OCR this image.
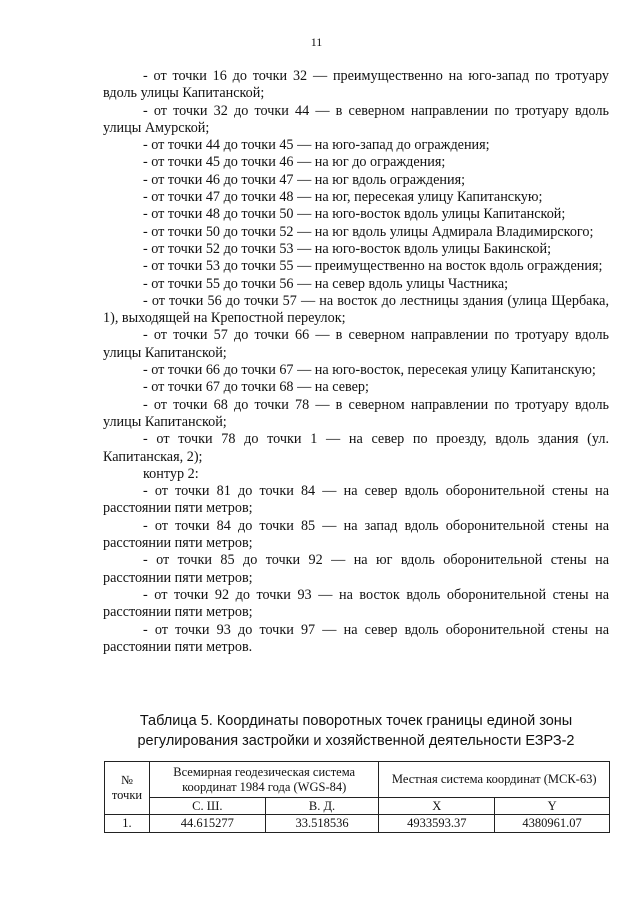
11

- от точки 16 до точки 32 — преимущественно на юго-запад по тротуару вдоль улицы Капитанской;

- от точки 32 до точки 44 — в северном направлении по тротуару вдоль улицы Амурской;

- от точки 44 до точки 45 — на юго-запад до ограждения;

- от точки 45 до точки 46 — на юг до ограждения;

- от точки 46 до точки 47 — на юг вдоль ограждения;

- от точки 47 до точки 48 — на юг, пересекая улицу Капитанскую;

- от точки 48 до точки 50 — на юго-восток вдоль улицы Капитанской;

- от точки 50 до точки 52 — на юг вдоль улицы Адмирала Владимирского;

- от точки 52 до точки 53 — на юго-восток вдоль улицы Бакинской;

- от точки 53 до точки 55 — преимущественно на восток вдоль ограждения;

- от точки 55 до точки 56 — на север вдоль улицы Частника;

- от точки 56 до точки 57 — на восток до лестницы здания (улица Щербака, 1), выходящей на Крепостной переулок;

- от точки 57 до точки 66 — в северном направлении по тротуару вдоль улицы Капитанской;

- от точки 66 до точки 67 — на юго-восток, пересекая улицу Капитанскую;

- от точки 67 до точки 68 — на север;

- от точки 68 до точки 78 — в северном направлении по тротуару вдоль улицы Капитанской;

- от точки 78 до точки 1 — на север по проезду, вдоль здания (ул. Капитанская, 2);

контур 2:

- от точки 81 до точки 84 — на север вдоль оборонительной стены на расстоянии пяти метров;

- от точки 84 до точки 85 — на запад вдоль оборонительной стены на расстоянии пяти метров;

- от точки 85 до точки 92 — на юг вдоль оборонительной стены на расстоянии пяти метров;

- от точки 92 до точки 93 — на восток вдоль оборонительной стены на расстоянии пяти метров;

- от точки 93 до точки 97 — на север вдоль оборонительной стены на расстоянии пяти метров.

Таблица 5. Координаты поворотных точек границы единой зоны
регулирования застройки и хозяйственной деятельности ЕЗРЗ-2
№ точки	Всемирная геодезическая система координат 1984 года (WGS-84)		Местная система координат (МСК-63)	
	С. Ш.	В. Д.	X	Y
1.	44.615277	33.518536	4933593.37	4380961.07
